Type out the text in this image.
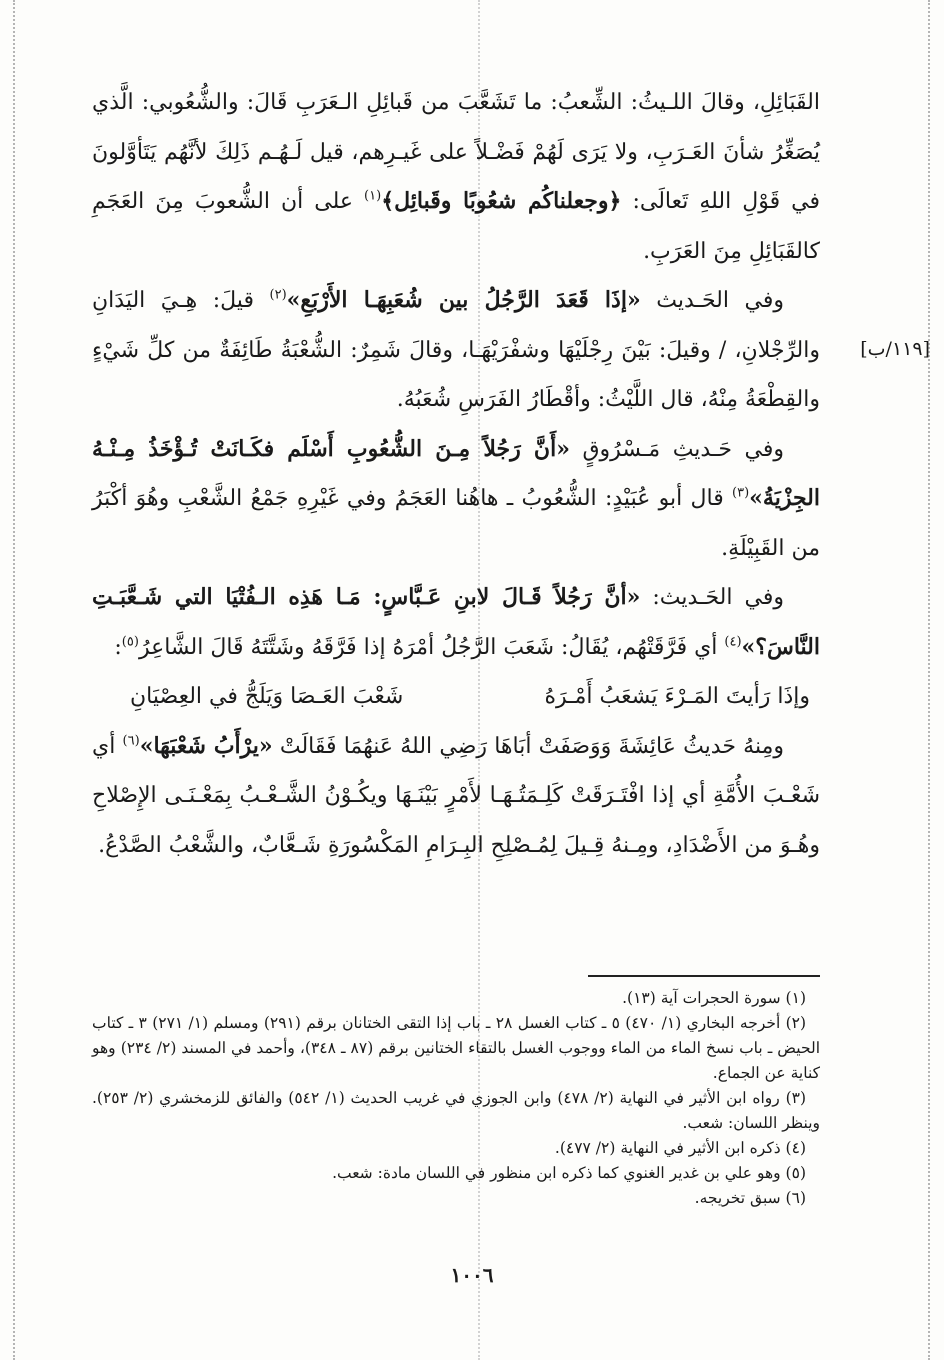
القَبَائِلِ، وقالَ اللـيثُ: الشِّعبُ: ما تَشَعَّبَ من قَبائِلِ الـعَرَبِ قَالَ: والشُّعُوبي: الَّذي يُصَغِّرُ شأنَ العَـرَبِ، ولا يَرَى لَهُمْ فَضْـلاً على غَيـرِهم، قيل لَـهُـم ذَلِكَ لأنَّهُم يَتَأوَّلونَ في قَوْلِ اللهِ تَعالَى: ﴿وجعلناكُم شعُوبًا وقَبائِل﴾$^{(١)}$ على أن الشُّعوبَ مِنَ العَجَمِ كالقَبَائِلِ مِنَ العَرَبِ.

وفي الحَـديث «إذَا قَعَدَ الرَّجُلُ بين شُعَبِهَـا الأَرْبَعِ»$^{(٢)}$ قيلَ: هِـيَ اليَدَانِ والرِّجْلانِ، / وقيلَ: بَيْنَ رِجْلَيْهَا وشفْرَيْهَـا، وقالَ شَمِرٌ: الشُّعْبَةُ طَائِفَةٌ من كلِّ شَيْءٍ والقِطْعَةُ مِنْهُ، قال اللَّيْثُ: وأقْطَارُ الفَرَسِ شُعَبُهُ.

وفي حَـديثِ مَـسْرُوقٍ «أَنَّ رَجُلاً مِـنَ الشُّعُوبِ أَسْلَم فكَـانَتْ تُـؤْخَذُ مِـنْـهُ الجِزْيَةُ»$^{(٣)}$ قال أبو عُبَيْدٍ: الشُّعُوبُ ـ هاهُنا العَجَمُ وفي غَيْرِهِ جَمْعُ الشَّعْبِ وهُوَ أكْبَرُ من القَبِيْلَةِ.

وفي الحَـديث: «أنَّ رَجُلاً قَـالَ لابنِ عَـبَّاسٍ: مَـا هَذِه الـفُتْيَا التي شَـعَّبَـتِ النَّاسَ؟»$^{(٤)}$ أي فَرَّقَتْهُم، يُقَالُ: شَعَبَ الرَّجُلُ أمْرَهُ إذا فَرَّقَهُ وشَتَّتَهُ قَالَ الشَّاعِرُ$^{(٥)}$:

وإذَا رَأيتَ المَـرْءَ يَشعَبُ أَمْـرَهُ
شَعْبَ العَـصَا وَيَلَجُّ في العِصْيَانِ

ومِنهُ حَديثُ عَائِشَةَ وَوَصَفَتْ أبَاهَا رَضِي اللهُ عَنهُمَا فَقَالَتْ «يرْأَبُ شَعْبَهَا»$^{(٦)}$ أي شَعْـبَ الأُمَّةِ أي إذا افْتَـرَقَتْ كَلِـمَتُـهَـا لأَمْرٍ بَيْنَـهَا ويكُـوْنُ الشَّـعْـبُ بِمَعْـنَـى الإِصْلاحِ وهُـوَ من الأَضْدَادِ، ومِـنهُ قِـيلَ لِمُـصْلِحِ البِـرَامِ المَكْسُورَةِ شَـعَّابٌ، والشَّعْبُ الصَّدْعُ.

[١١٩/ب]

(١) سورة الحجرات آية (١٣).

(٢) أخرجه البخاري (١/ ٤٧٠) ٥ ـ كتاب الغسل ٢٨ ـ باب إذا التقى الختانان برقم (٢٩١) ومسلم (١/ ٢٧١) ٣ ـ كتاب الحيض ـ باب نسخ الماء من الماء ووجوب الغسل بالتقاء الختانين برقم (٨٧ ـ ٣٤٨)، وأحمد في المسند (٢/ ٢٣٤) وهو كناية عن الجماع.

(٣) رواه ابن الأثير في النهاية (٢/ ٤٧٨) وابن الجوزي في غريب الحديث (١/ ٥٤٢) والفائق للزمخشري (٢/ ٢٥٣). وينظر اللسان: شعب.

(٤) ذكره ابن الأثير في النهاية (٢/ ٤٧٧).

(٥) وهو علي بن غدير الغنوي كما ذكره ابن منظور في اللسان مادة: شعب.

(٦) سبق تخريجه.

١٠٠٦
